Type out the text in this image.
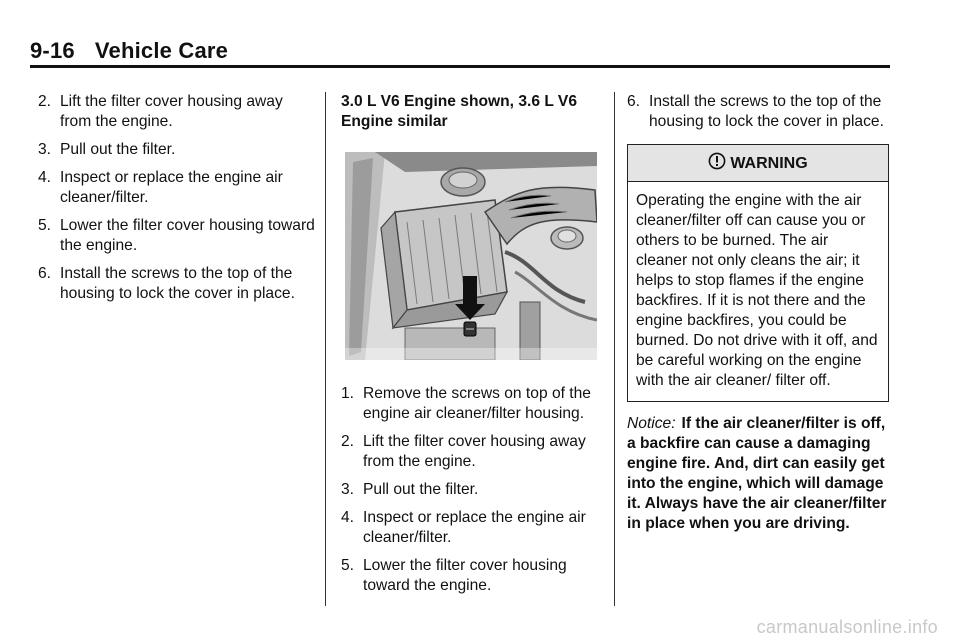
9-16 Vehicle Care
2. Lift the filter cover housing away from the engine.
3. Pull out the filter.
4. Inspect or replace the engine air cleaner/filter.
5. Lower the filter cover housing toward the engine.
6. Install the screws to the top of the housing to lock the cover in place.

3.0 L V6 Engine shown, 3.6 L V6 Engine similar

1. Remove the screws on top of the engine air cleaner/filter housing.
2. Lift the filter cover housing away from the engine.
3. Pull out the filter.
4. Inspect or replace the engine air cleaner/filter.
5. Lower the filter cover housing toward the engine.
6. Install the screws to the top of the housing to lock the cover in place.
WARNING
Operating the engine with the air cleaner/filter off can cause you or others to be burned. The air cleaner not only cleans the air; it helps to stop flames if the engine backfires. If it is not there and the engine backfires, you could be burned. Do not drive with it off, and be careful working on the engine with the air cleaner/ filter off.

Notice: If the air cleaner/filter is off, a backfire can cause a damaging engine fire. And, dirt can easily get into the engine, which will damage it. Always have the air cleaner/filter in place when you are driving.

carmanualsonline.info
